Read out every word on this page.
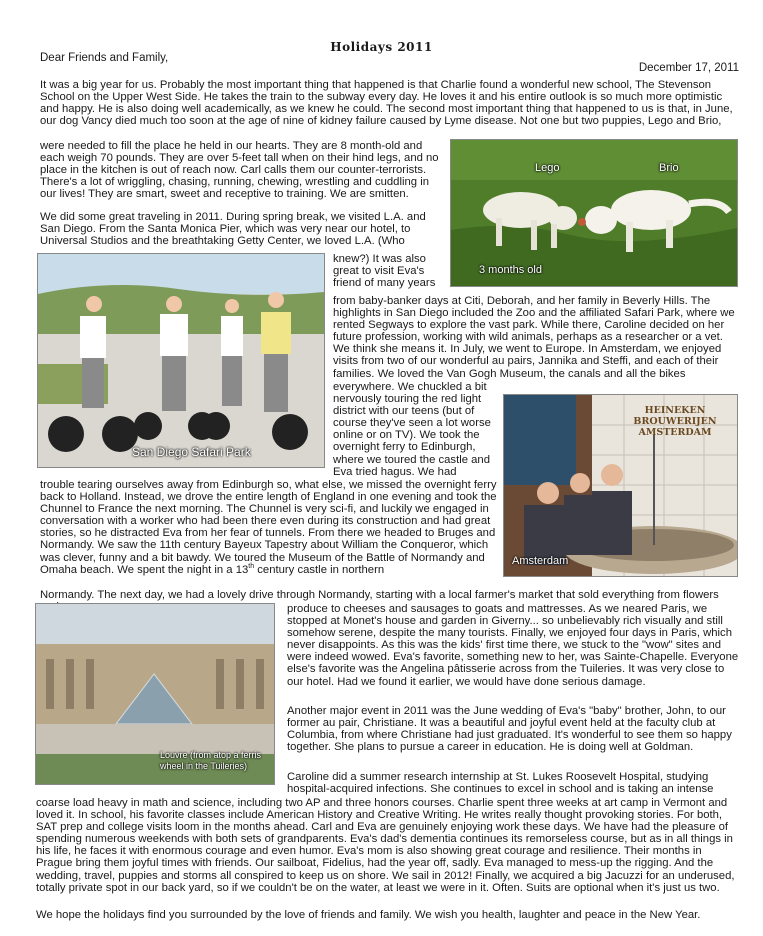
Holidays 2011
Dear Friends and Family,
December 17, 2011

It was a big year for us. Probably the most important thing that happened is that Charlie found a wonderful new school, The Stevenson School on the Upper West Side. He takes the train to the subway every day. He loves it and his entire outlook is so much more optimistic and happy. He is also doing well academically, as we knew he could. The second most important thing that happened to us is that, in June, our dog Vancy died much too soon at the age of nine of kidney failure caused by Lyme disease. Not one but two puppies, Lego and Brio,

were needed to fill the place he held in our hearts. They are 8 month-old and each weigh 70 pounds. They are over 5-feet tall when on their hind legs, and no place in the kitchen is out of reach now. Carl calls them our counter-terrorists. There's a lot of wriggling, chasing, running, chewing, wrestling and cuddling in our lives! They are smart, sweet and receptive to training. We are smitten.

Lego	Brio
3 months old

We did some great traveling in 2011. During spring break, we visited L.A. and San Diego. From the Santa Monica Pier, which was very near our hotel, to Universal Studios and the breathtaking Getty Center, we loved L.A. (Who

San Diego Safari Park

knew?) It was also great to visit Eva's friend of many years

from baby-banker days at Citi, Deborah, and her family in Beverly Hills. The highlights in San Diego included the Zoo and the affiliated Safari Park, where we rented Segways to explore the vast park. While there, Caroline decided on her future profession, working with wild animals, perhaps as a researcher or a vet. We think she means it. In July, we went to Europe. In Amsterdam, we enjoyed visits from two of our wonderful au pairs, Jannika and Steffi, and each of their families. We loved the Van Gogh Museum, the canals and all the bikes

everywhere. We chuckled a bit nervously touring the red light district with our teens (but of course they've seen a lot worse online or on TV). We took the overnight ferry to Edinburgh, where we toured the castle and Eva tried hagus. We had

HEINEKEN
BROUWERIJEN
AMSTERDAM
Amsterdam

trouble tearing ourselves away from Edinburgh so, what else, we missed the overnight ferry back to Holland. Instead, we drove the entire length of England in one evening and took the Chunnel to France the next morning. The Chunnel is very sci-fi, and luckily we engaged in conversation with a worker who had been there even during its construction and had great stories, so he distracted Eva from her fear of tunnels. From there we headed to Bruges and Normandy. We saw the 11th century Bayeux Tapestry about William the Conqueror, which was clever, funny and a bit bawdy. We toured the Museum of the Battle of Normandy and Omaha beach. We spent the night in a 13th century castle in northern

Normandy. The next day, we had a lovely drive through Normandy, starting with a local farmer's market that sold everything from flowers

Louvre (from atop a ferris
wheel in the Tuileries)

produce to cheeses and sausages to goats and mattresses. As we neared Paris, we stopped at Monet's house and garden in Giverny... so unbelievably rich visually and still somehow serene, despite the many tourists. Finally, we enjoyed four days in Paris, which never disappoints. As this was the kids' first time there, we stuck to the "wow" sites and were indeed wowed. Eva's favorite, something new to her, was Sainte-Chapelle. Everyone else's favorite was the Angelina pâtisserie across from the Tuileries. It was very close to our hotel. Had we found it earlier, we would have done serious damage.

Another major event in 2011 was the June wedding of Eva's "baby" brother, John, to our former au pair, Christiane. It was a beautiful and joyful event held at the faculty club at Columbia, from where Christiane had just graduated. It's wonderful to see them so happy together. She plans to pursue a career in education. He is doing well at Goldman.

Caroline did a summer research internship at St. Lukes Roosevelt Hospital, studying hospital-acquired infections. She continues to excel in school and is taking an intense

coarse load heavy in math and science, including two AP and three honors courses. Charlie spent three weeks at art camp in Vermont and loved it. In school, his favorite classes include American History and Creative Writing. He writes really thought provoking stories. For both, SAT prep and college visits loom in the months ahead. Carl and Eva are genuinely enjoying work these days. We have had the pleasure of spending numerous weekends with both sets of grandparents. Eva's dad's dementia continues its remorseless course, but as in all things in his life, he faces it with enormous courage and even humor. Eva's mom is also showing great courage and resilience. Their months in Prague bring them joyful times with friends. Our sailboat, Fidelius, had the year off, sadly. Eva managed to mess-up the rigging. And the wedding, travel, puppies and storms all conspired to keep us on shore. We sail in 2012! Finally, we acquired a big Jacuzzi for an underused, totally private spot in our back yard, so if we couldn't be on the water, at least we were in it. Often. Suits are optional when it's just us two.

We hope the holidays find you surrounded by the love of friends and family. We wish you health, laughter and peace in the New Year.
